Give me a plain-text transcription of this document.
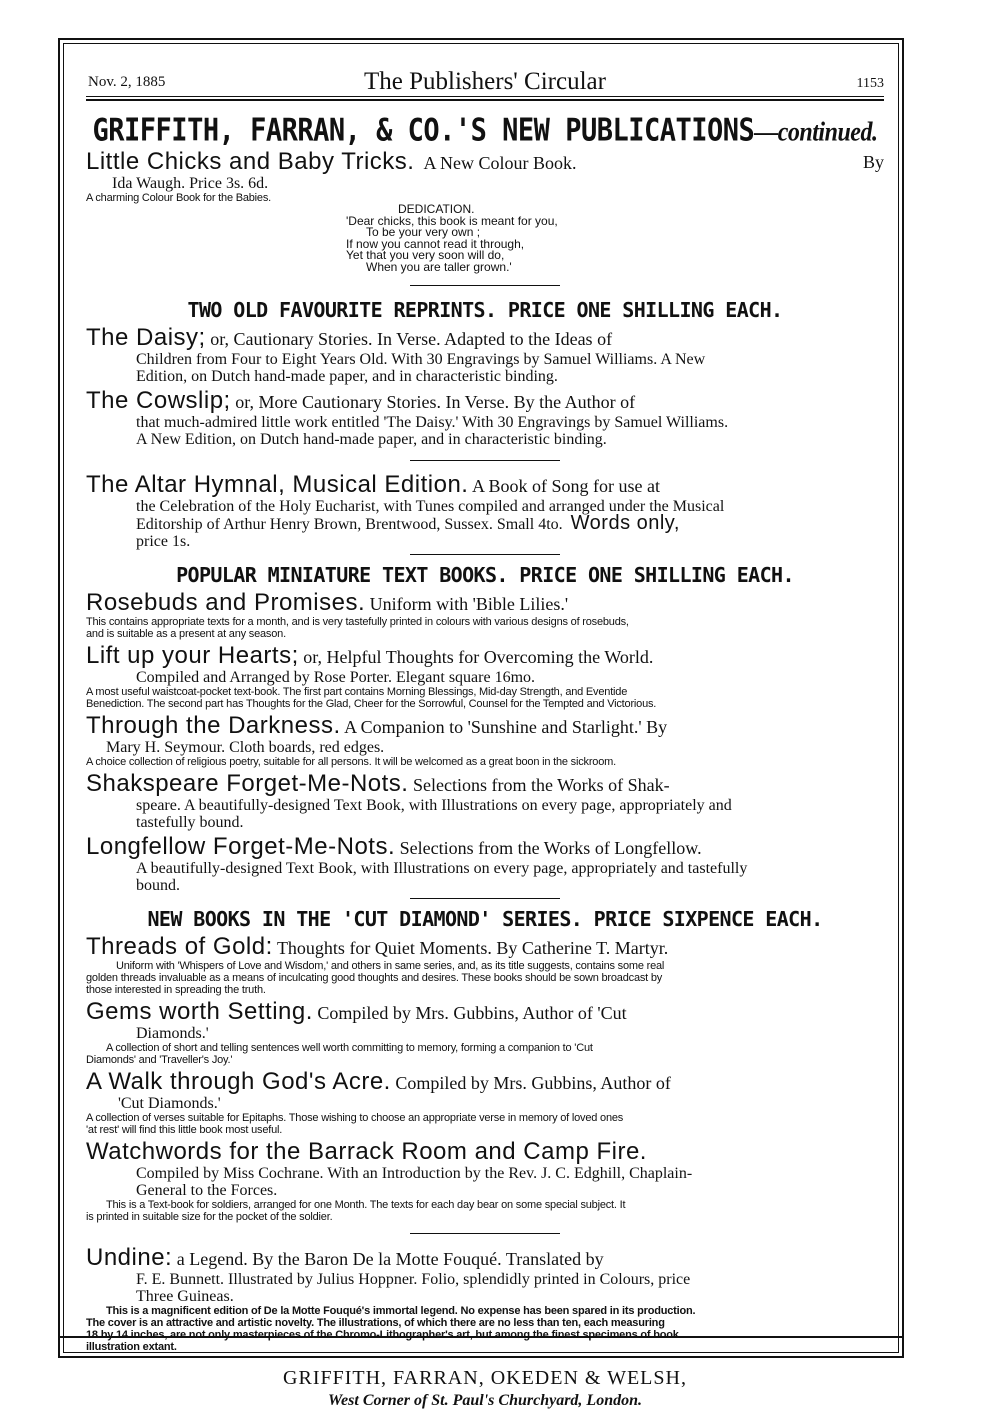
Nov. 2, 1885	The Publishers' Circular	1153
GRIFFITH, FARRAN, & CO.'S NEW PUBLICATIONS—continued.
Little Chicks and Baby Tricks. A New Colour Book.	By
Ida Waugh. Price 3s. 6d.
A charming Colour Book for the Babies.
DEDICATION.
'Dear chicks, this book is meant for you,
To be your very own ;
If now you cannot read it through,
Yet that you very soon will do,
When you are taller grown.'
TWO OLD FAVOURITE REPRINTS. PRICE ONE SHILLING EACH.
The Daisy; or, Cautionary Stories. In Verse. Adapted to the Ideas of
Children from Four to Eight Years Old. With 30 Engravings by Samuel Williams. A New
Edition, on Dutch hand-made paper, and in characteristic binding.
The Cowslip; or, More Cautionary Stories. In Verse. By the Author of
that much-admired little work entitled 'The Daisy.' With 30 Engravings by Samuel Williams.
A New Edition, on Dutch hand-made paper, and in characteristic binding.
The Altar Hymnal, Musical Edition. A Book of Song for use at
the Celebration of the Holy Eucharist, with Tunes compiled and arranged under the Musical
Editorship of Arthur Henry Brown, Brentwood, Sussex. Small 4to. Words only,
price 1s.
POPULAR MINIATURE TEXT BOOKS. PRICE ONE SHILLING EACH.
Rosebuds and Promises. Uniform with 'Bible Lilies.'
This contains appropriate texts for a month, and is very tastefully printed in colours with various designs of rosebuds,
and is suitable as a present at any season.
Lift up your Hearts; or, Helpful Thoughts for Overcoming the World.
Compiled and Arranged by Rose Porter. Elegant square 16mo.
A most useful waistcoat-pocket text-book. The first part contains Morning Blessings, Mid-day Strength, and Eventide
Benediction. The second part has Thoughts for the Glad, Cheer for the Sorrowful, Counsel for the Tempted and Victorious.
Through the Darkness. A Companion to 'Sunshine and Starlight.' By
Mary H. Seymour. Cloth boards, red edges.
A choice collection of religious poetry, suitable for all persons. It will be welcomed as a great boon in the sickroom.
Shakspeare Forget-Me-Nots. Selections from the Works of Shak-
speare. A beautifully-designed Text Book, with Illustrations on every page, appropriately and
tastefully bound.
Longfellow Forget-Me-Nots. Selections from the Works of Longfellow.
A beautifully-designed Text Book, with Illustrations on every page, appropriately and tastefully
bound.
NEW BOOKS IN THE 'CUT DIAMOND' SERIES. PRICE SIXPENCE EACH.
Threads of Gold: Thoughts for Quiet Moments. By Catherine T. Martyr.
Uniform with 'Whispers of Love and Wisdom,' and others in same series, and, as its title suggests, contains some real
golden threads invaluable as a means of inculcating good thoughts and desires. These books should be sown broadcast by
those interested in spreading the truth.
Gems worth Setting. Compiled by Mrs. Gubbins, Author of 'Cut
Diamonds.'
A collection of short and telling sentences well worth committing to memory, forming a companion to 'Cut
Diamonds' and 'Traveller's Joy.'
A Walk through God's Acre. Compiled by Mrs. Gubbins, Author of
'Cut Diamonds.'
A collection of verses suitable for Epitaphs. Those wishing to choose an appropriate verse in memory of loved ones
'at rest' will find this little book most useful.
Watchwords for the Barrack Room and Camp Fire.
Compiled by Miss Cochrane. With an Introduction by the Rev. J. C. Edghill, Chaplain-
General to the Forces.
This is a Text-book for soldiers, arranged for one Month. The texts for each day bear on some special subject. It
is printed in suitable size for the pocket of the soldier.
Undine: a Legend. By the Baron De la Motte Fouqué. Translated by
F. E. Bunnett. Illustrated by Julius Hoppner. Folio, splendidly printed in Colours, price
Three Guineas.
This is a magnificent edition of De la Motte Fouqué's immortal legend. No expense has been spared in its production.
The cover is an attractive and artistic novelty. The illustrations, of which there are no less than ten, each measuring
18 by 14 inches, are not only masterpieces of the Chromo-Lithographer's art, but among the finest specimens of book
illustration extant.
GRIFFITH, FARRAN, OKEDEN & WELSH,
West Corner of St. Paul's Churchyard, London.
